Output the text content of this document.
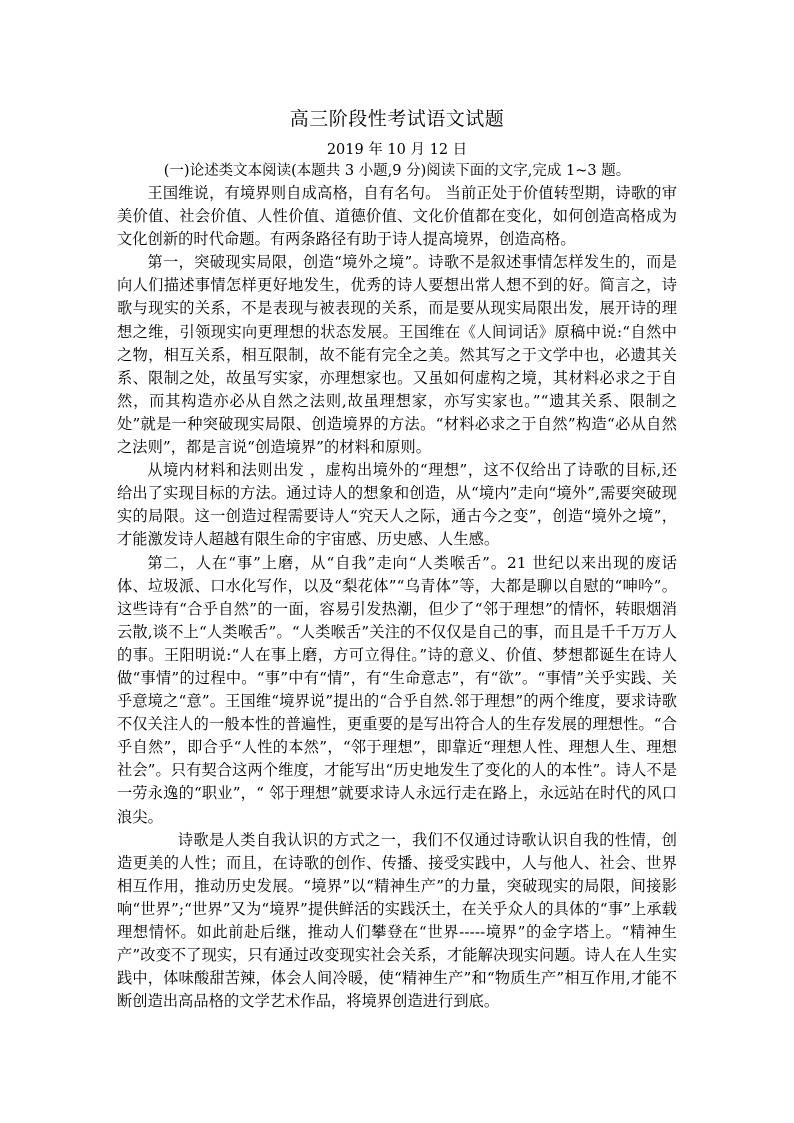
高三阶段性考试语文试题

2019 年 10 月 12 日

(一)论述类文本阅读(本题共 3 小题,9 分)阅读下面的文字,完成 1~3 题。

王国维说，有境界则自成高格，自有名句。 当前正处于价值转型期，诗歌的审美价值、社会价值、人性价值、道德价值、文化价值都在变化，如何创造高格成为文化创新的时代命题。有两条路径有助于诗人提高境界，创造高格。

第一，突破现实局限，创造“境外之境”。诗歌不是叙述事情怎样发生的，而是向人们描述事情怎样更好地发生，优秀的诗人要想出常人想不到的好。简言之，诗歌与现实的关系，不是表现与被表现的关系，而是要从现实局限出发，展开诗的理想之维，引领现实向更理想的状态发展。王国维在《人间词话》原稿中说:“自然中之物，相互关系，相互限制，故不能有完全之美。然其写之于文学中也，必遗其关系、限制之处，故虽写实家，亦理想家也。又虽如何虚构之境，其材料必求之于自然，而其构造亦必从自然之法则,故虽理想家，亦写实家也。”“遗其关系、限制之处”就是一种突破现实局限、创造境界的方法。“材料必求之于自然”构造“必从自然之法则”，都是言说“创造境界”的材料和原则。

从境内材料和法则出发 ，虚构出境外的“理想”，这不仅给出了诗歌的目标,还给出了实现目标的方法。通过诗人的想象和创造，从“境内”走向“境外”,需要突破现实的局限。这一创造过程需要诗人“究天人之际，通古今之变”，创造“境外之境”，才能激发诗人超越有限生命的宇宙感、历史感、人生感。

第二，人在“事”上磨，从“自我”走向“人类喉舌”。21 世纪以来出现的废话体、垃圾派、口水化写作，以及“梨花体”“乌青体”等，大都是聊以自慰的“呻吟”。这些诗有“合乎自然”的一面，容易引发热潮，但少了“邻于理想”的情怀，转眼烟消云散,谈不上“人类喉舌”。“人类喉舌”关注的不仅仅是自己的事，而且是千千万万人的事。王阳明说:“人在事上磨，方可立得住。”诗的意义、价值、梦想都诞生在诗人做“事情”的过程中。“事”中有“情”，有“生命意志”，有“欲”。“事情”关乎实践、关乎意境之“意”。王国维“境界说”提出的“合乎自然.邻于理想”的两个维度，要求诗歌不仅关注人的一般本性的普遍性，更重要的是写出符合人的生存发展的理想性。“合乎自然”，即合乎“人性的本然”，“邻于理想”，即靠近“理想人性、理想人生、理想社会”。只有契合这两个维度，才能写出“历史地发生了变化的人的本性”。诗人不是一劳永逸的“职业”，“ 邻于理想”就要求诗人永远行走在路上，永远站在时代的风口浪尖。

诗歌是人类自我认识的方式之一，我们不仅通过诗歌认识自我的性情，创造更美的人性；而且，在诗歌的创作、传播、接受实践中，人与他人、社会、世界相互作用，推动历史发展。“境界”以“精神生产”的力量，突破现实的局限，间接影响“世界”;“世界”又为“境界”提供鲜活的实践沃土，在关乎众人的具体的“事”上承载理想情怀。如此前赴后继，推动人们攀登在“世界-----境界”的金字塔上。“精神生产”改变不了现实，只有通过改变现实社会关系，才能解决现实问题。诗人在人生实践中，体味酸甜苦辣，体会人间冷暖，使“精神生产”和“物质生产”相互作用,才能不断创造出高品格的文学艺术作品，将境界创造进行到底。
